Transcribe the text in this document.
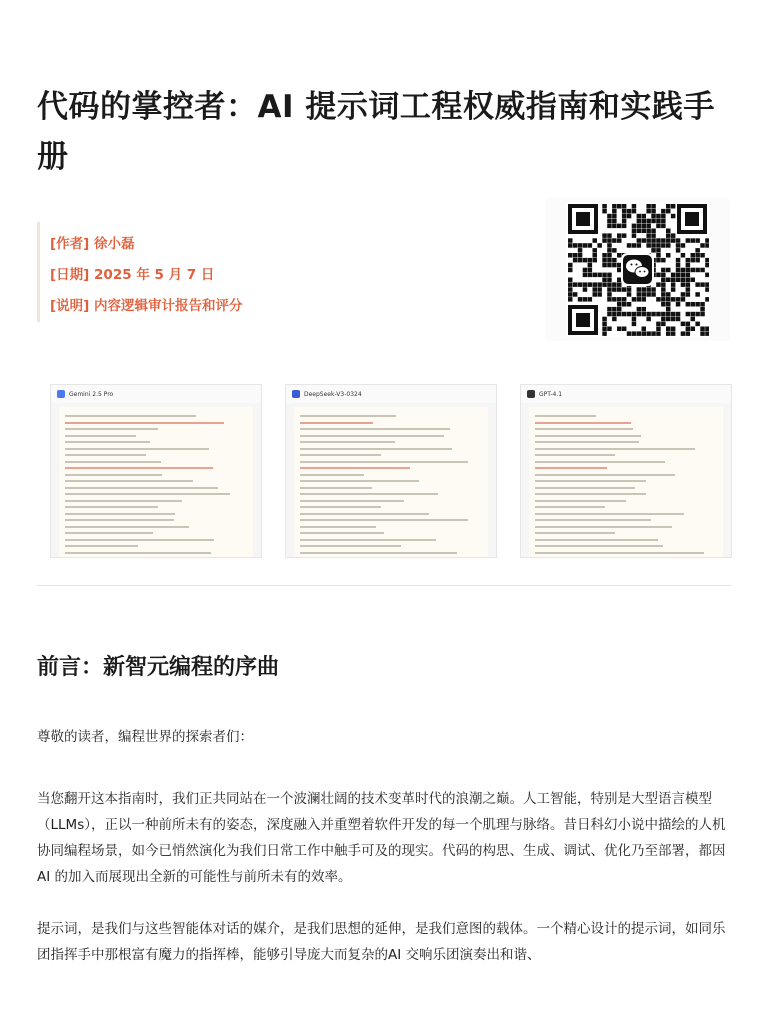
代码的掌控者：AI 提示词工程权威指南和实践手册
[作者] 徐小磊
[日期] 2025 年 5 月 7 日
[说明] 内容逻辑审计报告和评分
Gemini 2.5 Pro	DeepSeek-V3-0324	GPT-4.1
前言：新智元编程的序曲
尊敬的读者，编程世界的探索者们：
当您翻开这本指南时，我们正共同站在一个波澜壮阔的技术变革时代的浪潮之巅。人工智能，特别是大型语言模型（LLMs），正以一种前所未有的姿态，深度融入并重塑着软件开发的每一个肌理与脉络。昔日科幻小说中描绘的人机协同编程场景，如今已悄然演化为我们日常工作中触手可及的现实。代码的构思、生成、调试、优化乃至部署，都因 AI 的加入而展现出全新的可能性与前所未有的效率。
提示词，是我们与这些智能体对话的媒介，是我们思想的延伸，是我们意图的载体。一个精心设计的提示词，如同乐团指挥手中那根富有魔力的指挥棒，能够引导庞大而复杂的AI 交响乐团演奏出和谐、
